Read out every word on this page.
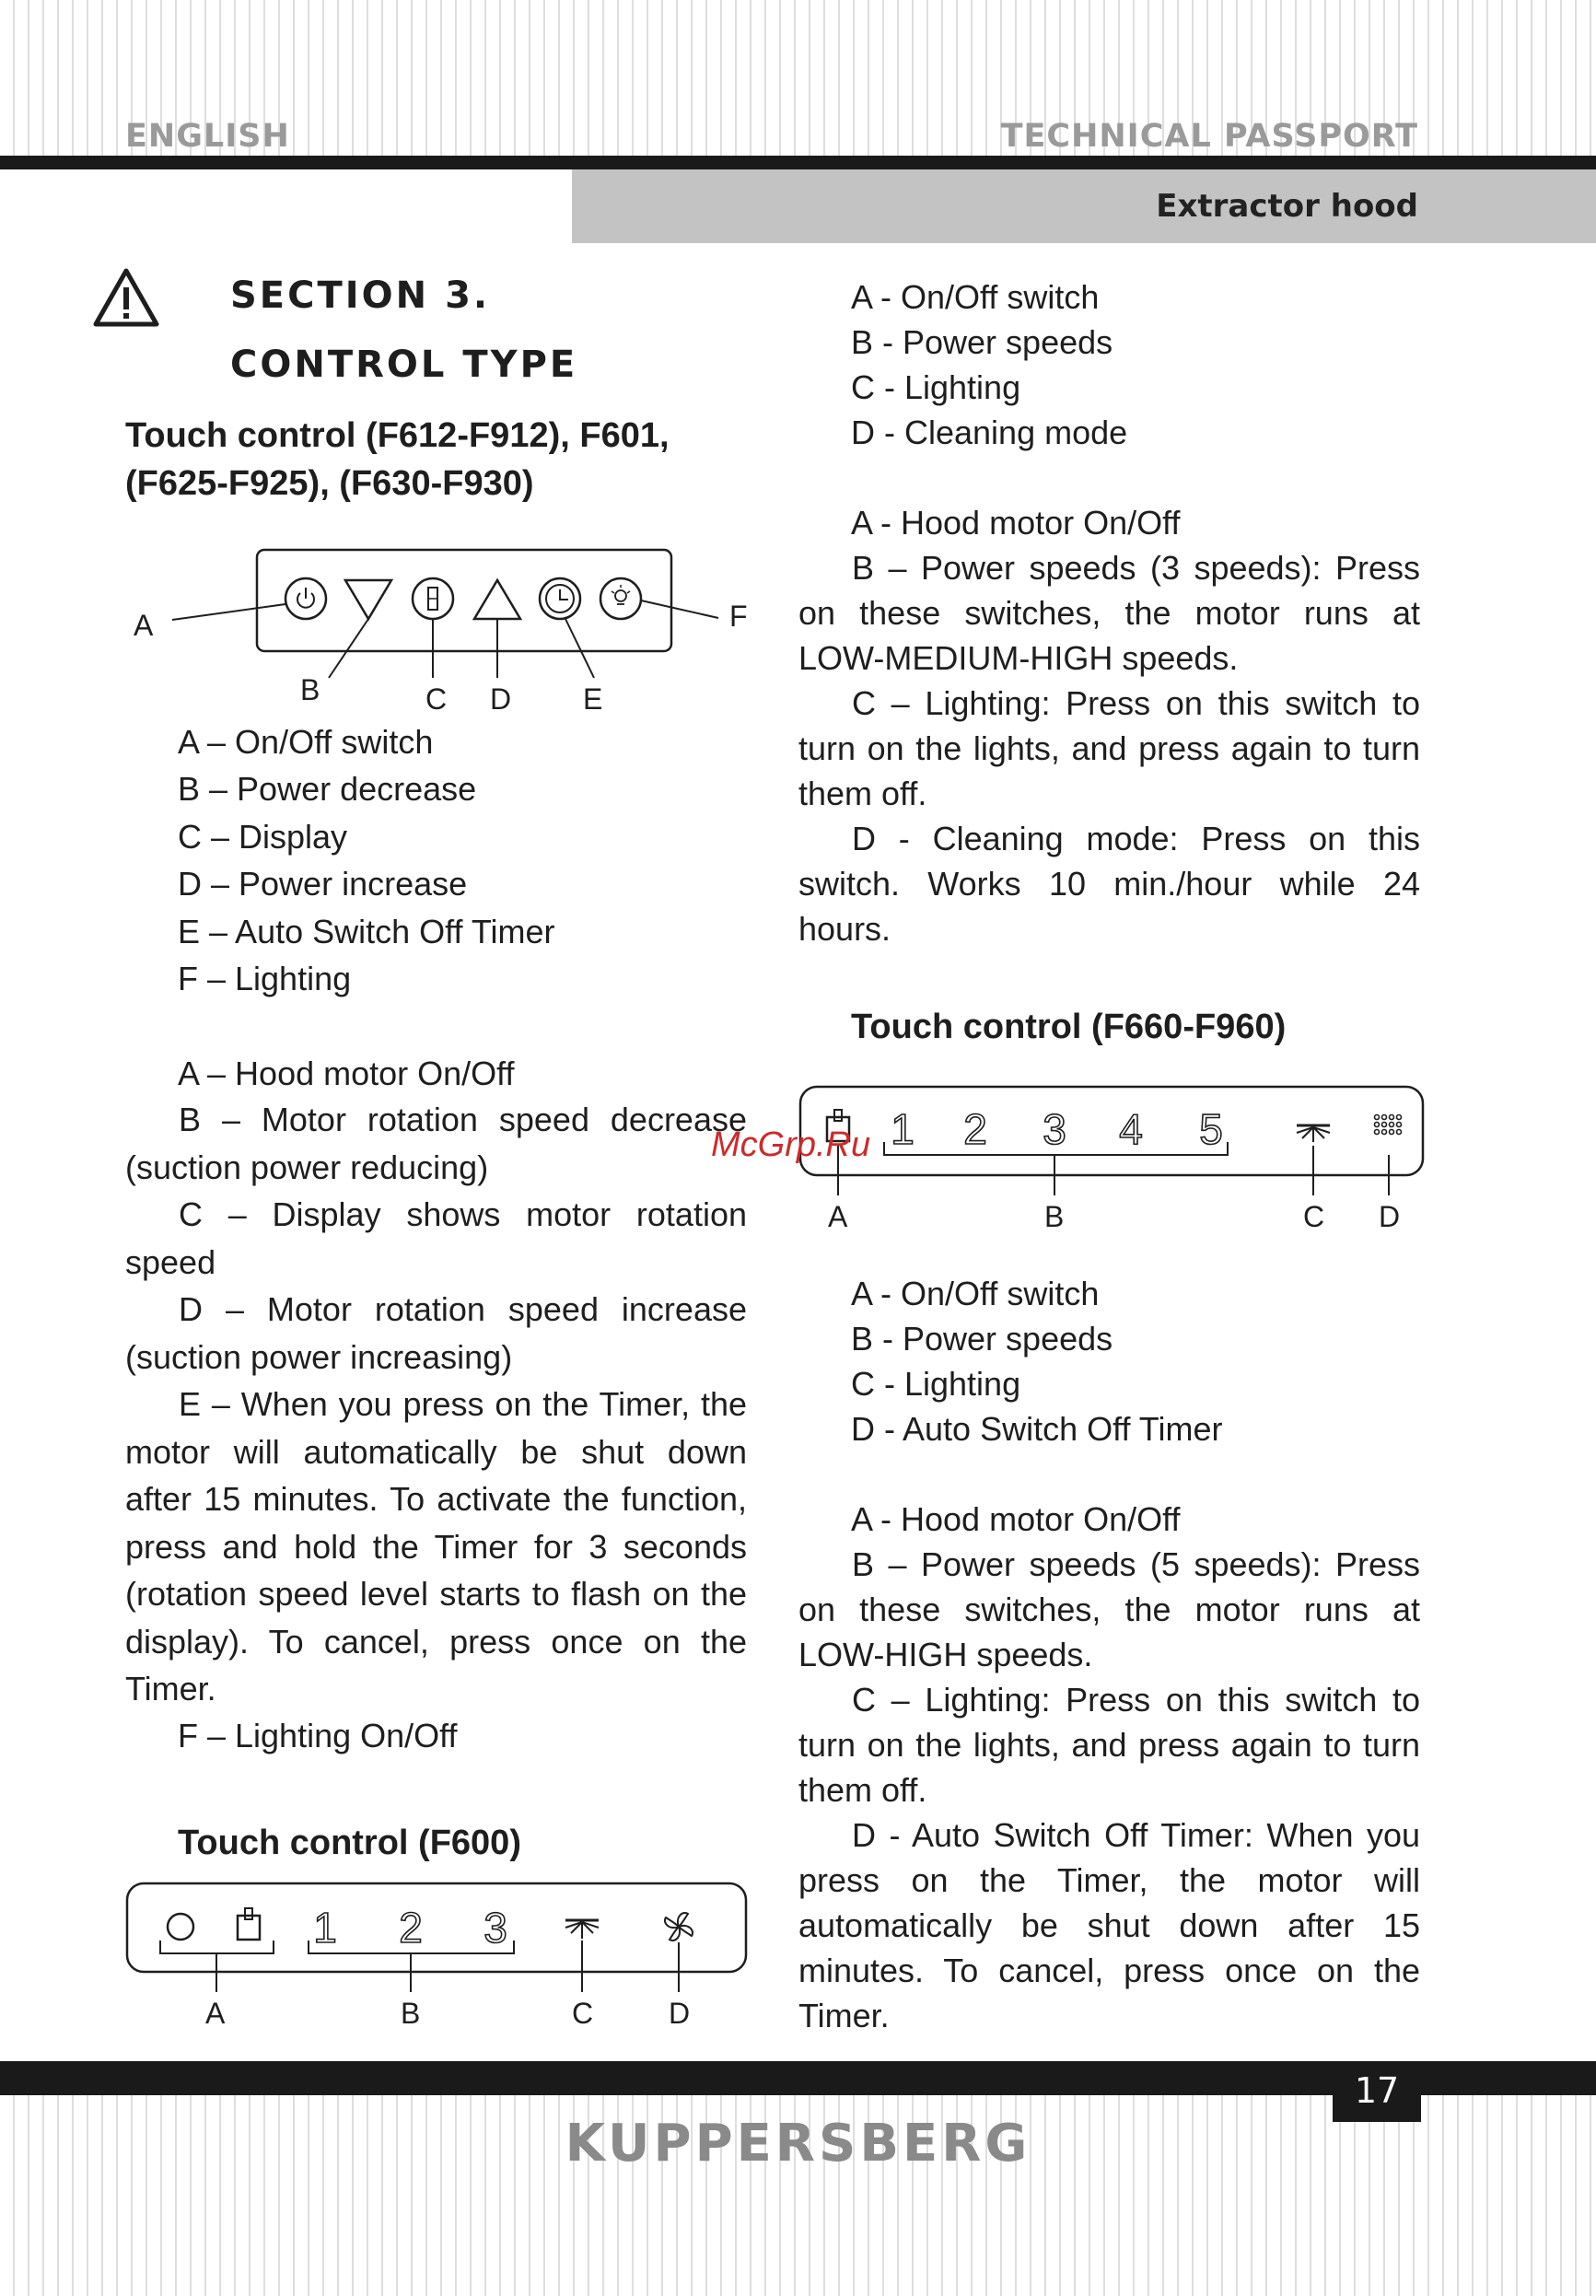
ENGLISH	TECHNICAL PASSPORT
Extractor hood
SECTION 3.
CONTROL TYPE
Touch control (F612-F912), F601,
(F625-F925), (F630-F930)
A
B	C D E
F
A – On/Off switch
B – Power decrease
C – Display
D – Power increase
E – Auto Switch Off Timer
F – Lighting
A – Hood motor On/Off
B – Motor rotation speed decrease (suction power reducing)
C – Display shows motor rotation speed
D – Motor rotation speed increase (suction power increasing)
E – When you press on the Timer, the motor will automatically be shut down after 15 minutes. To activate the function, press and hold the Timer for 3 seconds (rotation speed level starts to flash on the display). To cancel, press once on the Timer.
F – Lighting On/Off
Touch control (F600)
1 2 3
A	B	C	D
A - On/Off switch
B - Power speeds
C - Lighting
D - Cleaning mode
A - Hood motor On/Off
B – Power speeds (3 speeds): Press on these switches, the motor runs at LOW-MEDIUM-HIGH speeds.
C – Lighting: Press on this switch to turn on the lights, and press again to turn them off.
D - Cleaning mode: Press on this switch. Works 10 min./hour while 24 hours.
Touch control (F660-F960)
1 2 3 4 5
A	B	C D
A - On/Off switch
B - Power speeds
C - Lighting
D - Auto Switch Off Timer
A - Hood motor On/Off
B – Power speeds (5 speeds): Press on these switches, the motor runs at LOW-HIGH speeds.
C – Lighting: Press on this switch to turn on the lights, and press again to turn them off.
D - Auto Switch Off Timer: When you press on the Timer, the motor will automatically be shut down after 15 minutes. To cancel, press once on the Timer.
McGrp.Ru
17
KUPPERSBERG
